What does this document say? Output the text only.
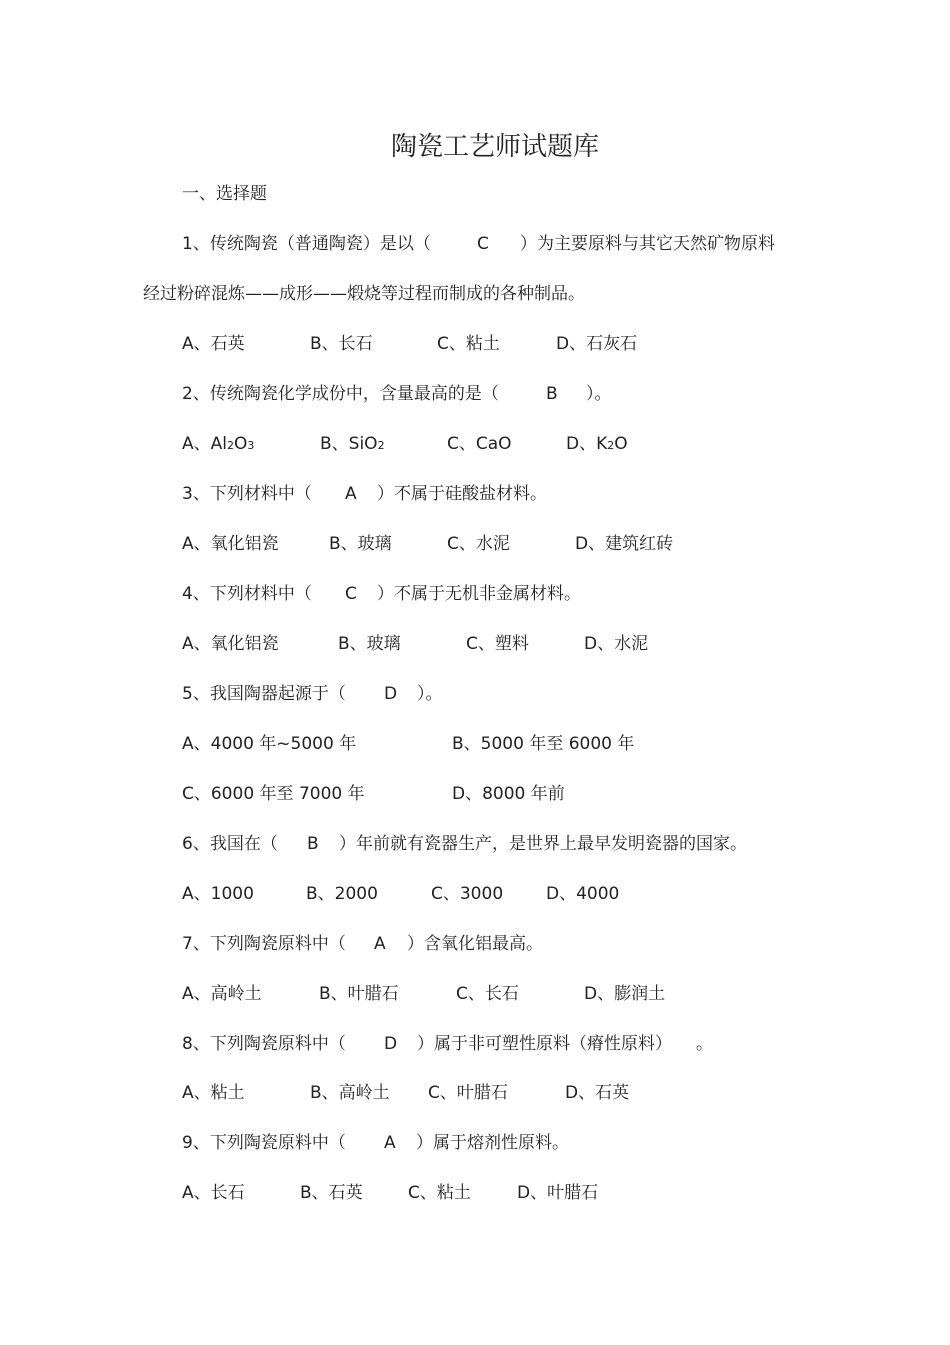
陶瓷工艺师试题库
一、选择题
1、传统陶瓷（普通陶瓷）是以（	C ）为主要原料与其它天然矿物原料
经过粉碎混炼——成形——煅烧等过程而制成的各种制品。
A、石英	B、长石	C、粘土	D、石灰石
2、传统陶瓷化学成份中，含量最高的是（	B ）。
A、Al2O3	B、SiO2	C、CaO	D、K2O
3、下列材料中（ A ）不属于硅酸盐材料。
A、氧化铝瓷	B、玻璃	C、水泥	D、建筑红砖
4、下列材料中（ C ）不属于无机非金属材料。
A、氧化铝瓷	B、玻璃	C、塑料	D、水泥
5、我国陶器起源于（ D ）。
A、4000 年~5000 年	B、5000 年至 6000 年
C、6000 年至 7000 年	D、8000 年前
6、我国在（ B ）年前就有瓷器生产，是世界上最早发明瓷器的国家。
A、1000	B、2000	C、3000	D、4000
7、下列陶瓷原料中（ A ）含氧化铝最高。
A、高岭土	B、叶腊石	C、长石	D、膨润土
8、下列陶瓷原料中（ D ）属于非可塑性原料（瘠性原料） 。
A、粘土	B、高岭土 C、叶腊石	D、石英
9、下列陶瓷原料中（ A ）属于熔剂性原料。
A、长石	B、石英	C、粘土	D、叶腊石
